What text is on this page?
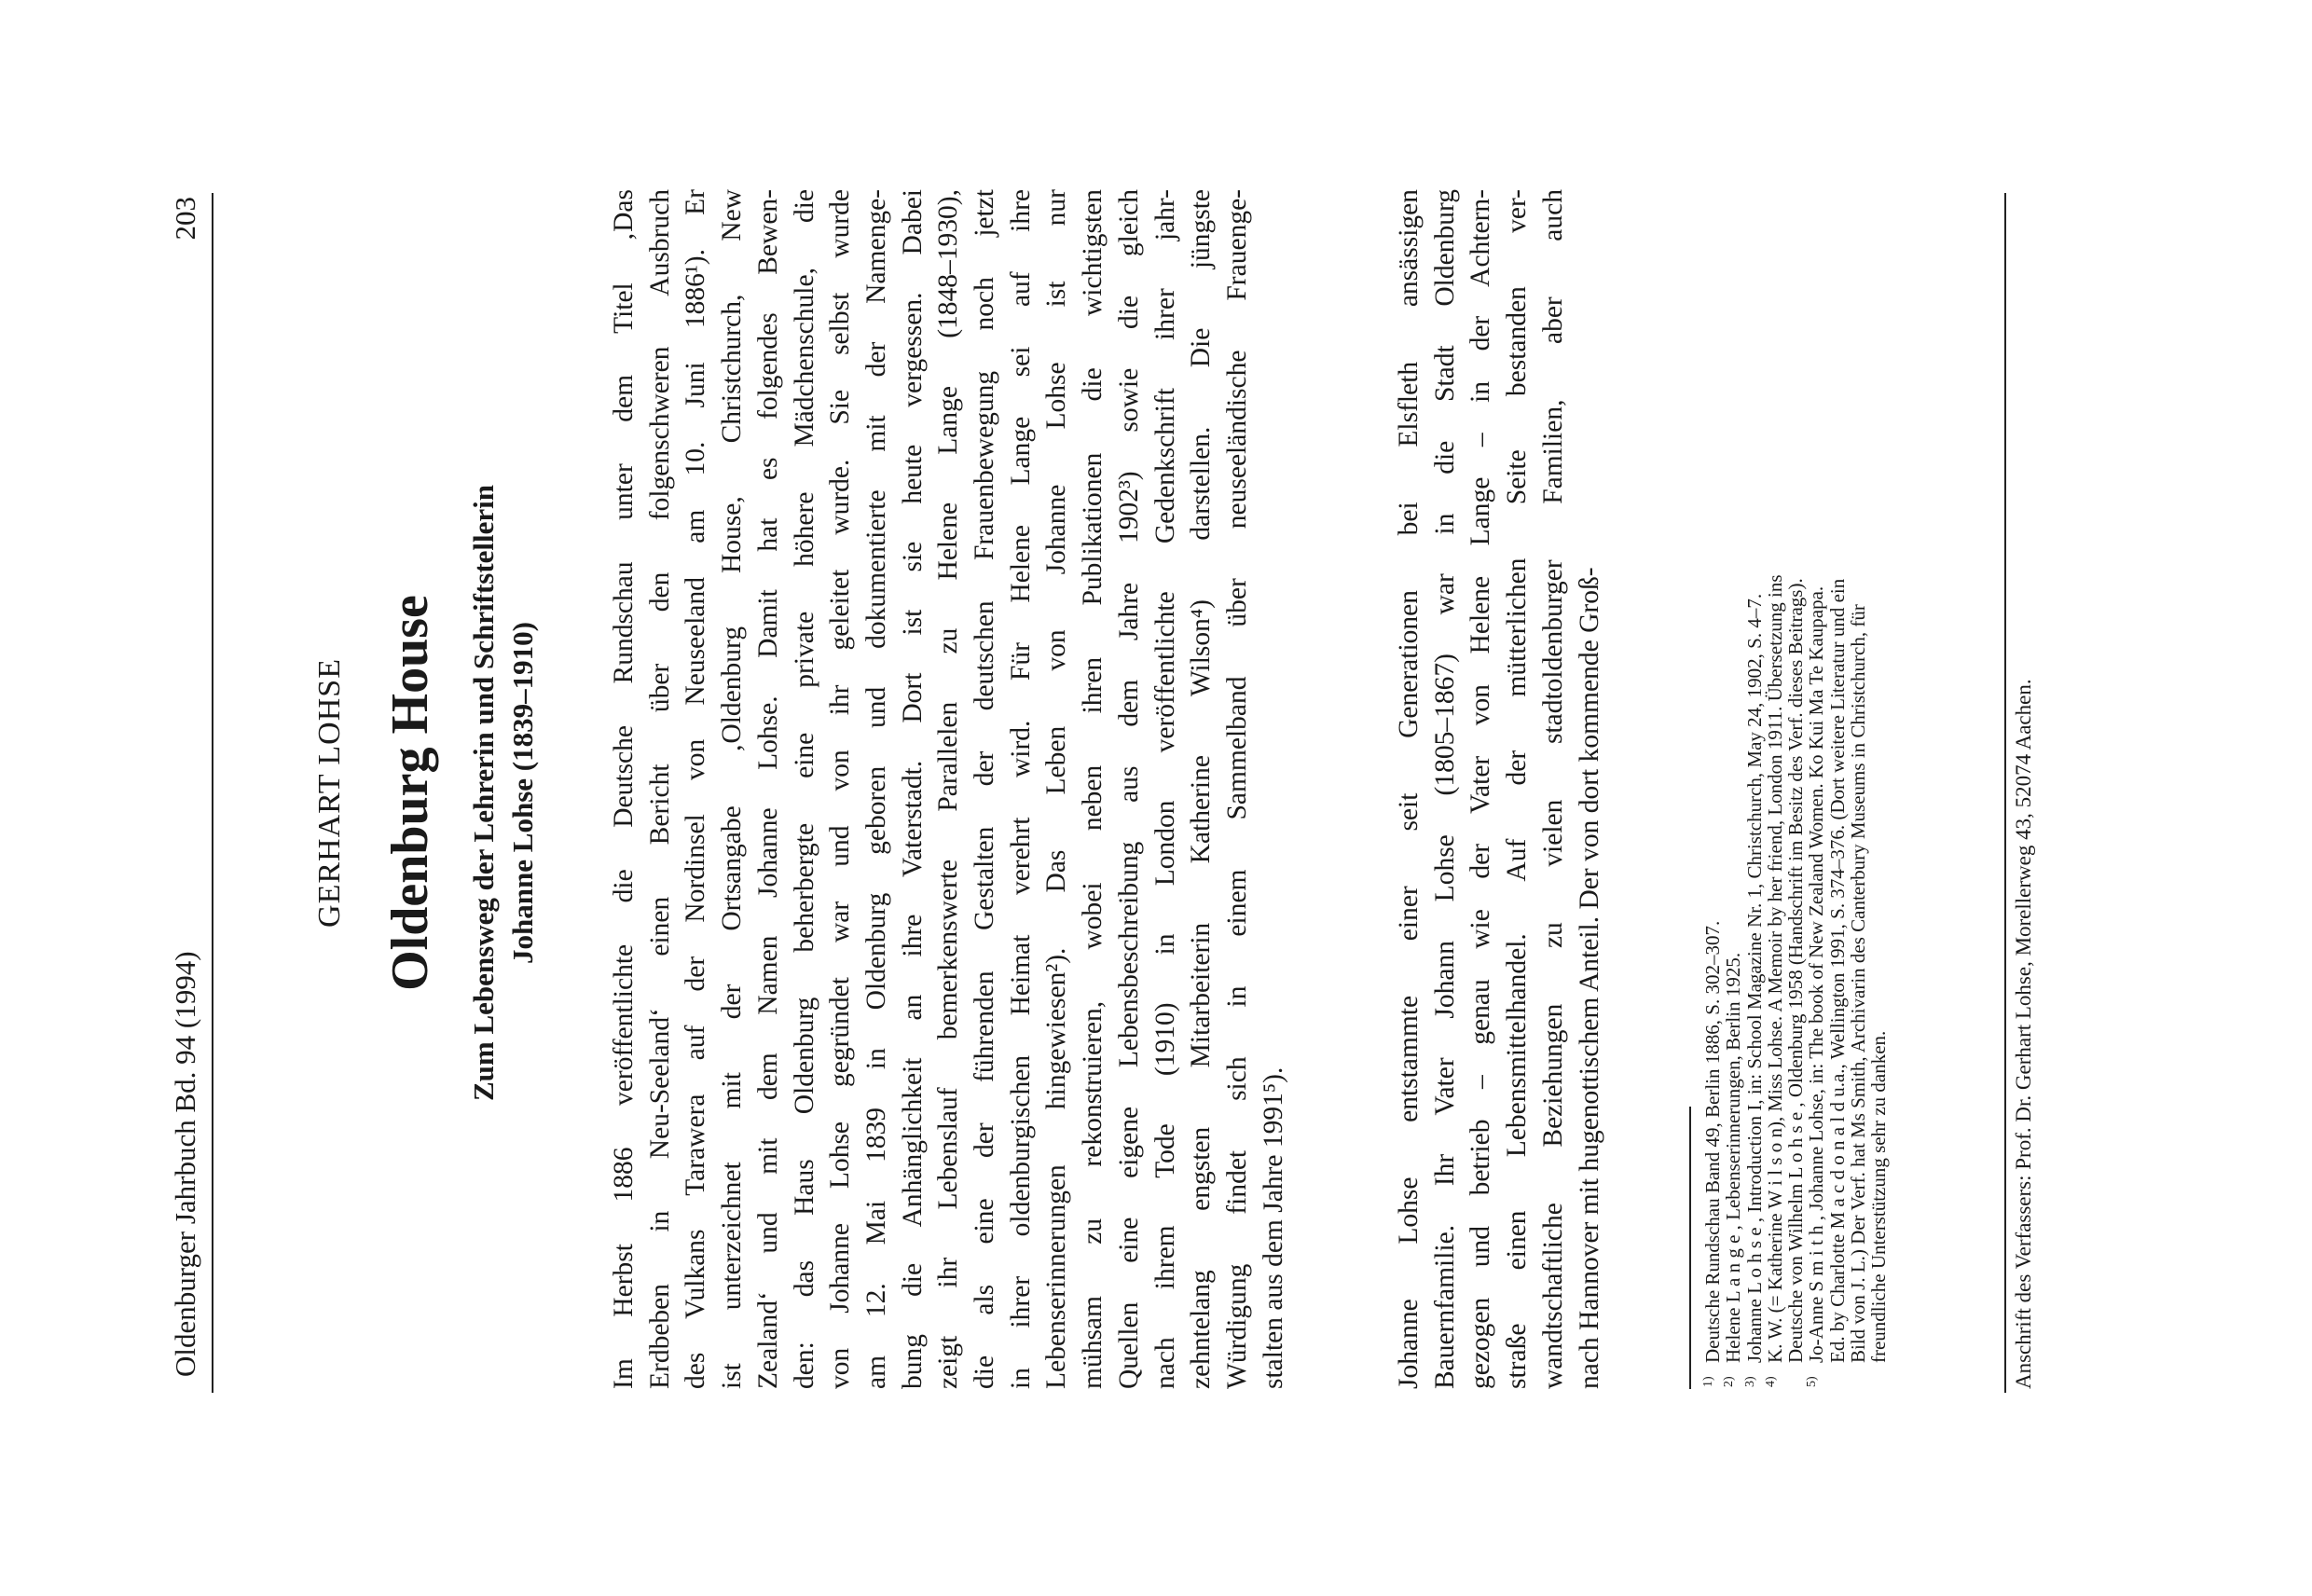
Oldenburger Jahrbuch Bd. 94 (1994)
203
GERHART LOHSE Oldenburg House Zum Lebensweg der Lehrerin und Schriftstellerin Johanne Lohse (1839–1910)	Im Herbst 1886 veröffentlichte die Deutsche Rundschau unter dem Titel ‚Das Erdbeben in Neu-Seeland‘ einen Bericht über den folgenschweren Ausbruch des Vulkans Tarawera auf der Nordinsel von Neuseeland am 10. Juni 1886¹). Er ist unterzeichnet mit der Ortsangabe ‚Oldenburg House, Christchurch, New Zealand‘ und mit dem Namen Johanne Lohse. Damit hat es folgendes Bewen- den: das Haus Oldenburg beherbergte eine private höhere Mädchenschule, die von Johanne Lohse gegründet war und von ihr geleitet wurde. Sie selbst wurde am 12. Mai 1839 in Oldenburg geboren und dokumentierte mit der Namenge- bung die Anhänglichkeit an ihre Vaterstadt. Dort ist sie heute vergessen. Dabei zeigt ihr Lebenslauf bemerkenswerte Parallelen zu Helene Lange (1848–1930), die als eine der führenden Gestalten der deutschen Frauenbewegung noch jetzt in ihrer oldenburgischen Heimat verehrt wird. Für Helene Lange sei auf ihre Lebenserinnerungen hingewiesen²). Das Leben von Johanne Lohse ist nur mühsam zu rekonstruieren, wobei neben ihren Publikationen die wichtigsten Quellen eine eigene Lebensbeschreibung aus dem Jahre 1902³) sowie die gleich nach ihrem Tode (1910) in London veröffentlichte Gedenkschrift ihrer jahr- zehntelang engsten Mitarbeiterin Katherine Wilson⁴) darstellen. Die jüngste Würdigung findet sich in einem Sammelband über neuseeländische Frauenge- stalten aus dem Jahre 1991⁵).	Johanne Lohse entstammte einer seit Generationen bei Elsfleth ansässigen Bauernfamilie. Ihr Vater Johann Lohse (1805–1867) war in die Stadt Oldenburg gezogen und betrieb – genau wie der Vater von Helene Lange – in der Achtern- straße einen Lebensmittelhandel. Auf der mütterlichen Seite bestanden ver- wandtschaftliche Beziehungen zu vielen stadtoldenburger Familien, aber auch nach Hannover mit hugenottischem Anteil. Der von dort kommende Groß-	1)
Deutsche Rundschau Band 49, Berlin 1886, S. 302–307.
2)
Helene L a n g e , Lebenserinnerungen, Berlin 1925.
3)
Johanne L o h s e , Introduction I, in: School Magazine Nr. 1, Christchurch, May 24, 1902, S. 4–7.
4)
K. W. (= Katherine W i l s o n), Miss Lohse. A Memoir by her friend, London 1911. Übersetzung ins
Deutsche von Wilhelm L o h s e , Oldenburg 1958 (Handschrift im Besitz des Verf. dieses Beitrags).
5)
Jo-Anne S m i t h , Johanne Lohse, in: The book of New Zealand Women. Ko Kui Ma Te Kaupapa.
Ed. by Charlotte M a c d o n a l d u.a., Wellington 1991, S. 374–376. (Dort weitere Literatur und ein
Bild von J. L.) Der Verf. hat Ms Smith, Archivarin des Canterbury Museums in Christchurch, für
freundliche Unterstützung sehr zu danken.	Anschrift des Verfassers: Prof. Dr. Gerhart Lohse, Morellerweg 43, 52074 Aachen.
